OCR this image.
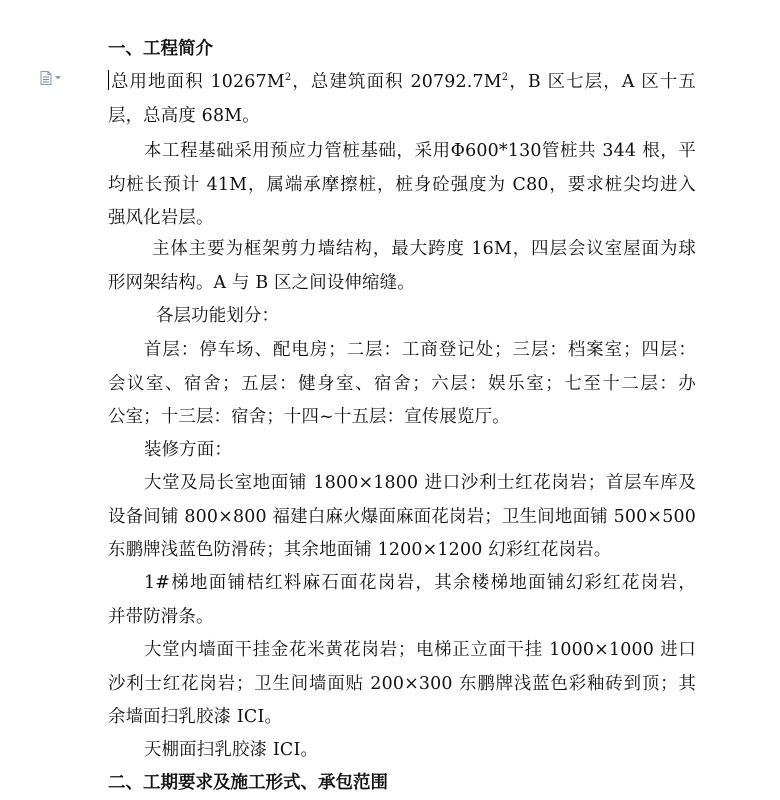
一、工程简介
总用地面积 $10267M^2$，总建筑面积 $20792.7M^2$，B 区七层，A 区十五
层，总高度 68M。
本工程基础采用预应力管桩基础，采用Φ600*130管桩共 344 根，平
均桩长预计 41M，属端承摩擦桩，桩身砼强度为 C80，要求桩尖均进入
强风化岩层。
主体主要为框架剪力墙结构，最大跨度 16M，四层会议室屋面为球
形网架结构。A 与 B 区之间设伸缩缝。
各层功能划分：
首层：停车场、配电房；二层：工商登记处；三层：档案室；四层：
会议室、宿舍；五层：健身室、宿舍；六层：娱乐室；七至十二层：办
公室；十三层：宿舍；十四~十五层：宣传展览厅。
装修方面：
大堂及局长室地面铺 1800×1800 进口沙利士红花岗岩；首层车库及
设备间铺 800×800 福建白麻火爆面麻面花岗岩；卫生间地面铺 500×500
东鹏牌浅蓝色防滑砖；其余地面铺 1200×1200 幻彩红花岗岩。
1#梯地面铺桔红料麻石面花岗岩，其余楼梯地面铺幻彩红花岗岩，
并带防滑条。
大堂内墙面干挂金花米黄花岗岩；电梯正立面干挂 1000×1000 进口
沙利士红花岗岩；卫生间墙面贴 200×300 东鹏牌浅蓝色彩釉砖到顶；其
余墙面扫乳胶漆 ICI。
天棚面扫乳胶漆 ICI。
二、工期要求及施工形式、承包范围
